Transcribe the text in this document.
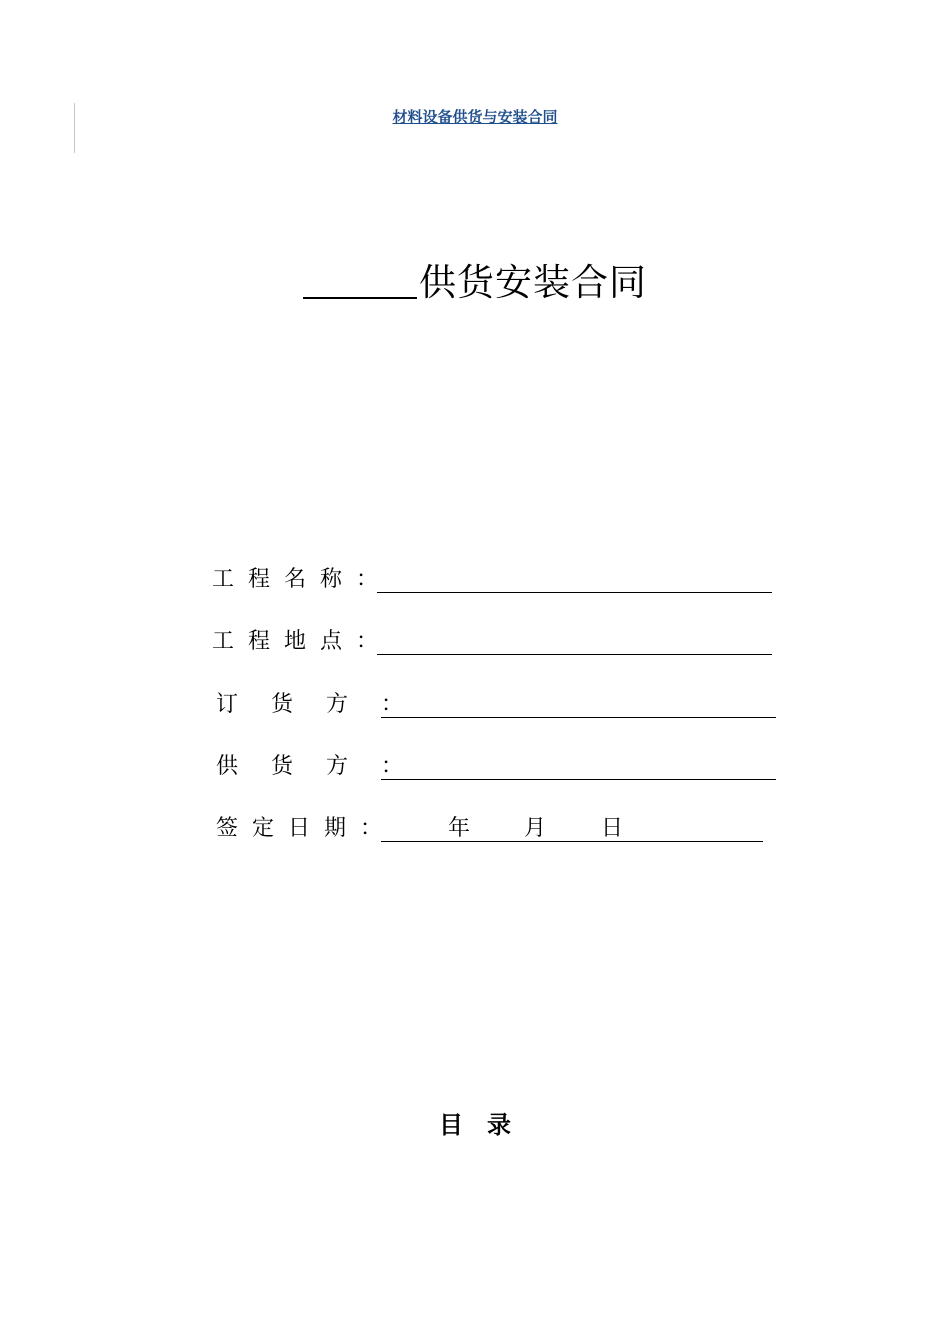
材料设备供货与安装合同
供货安装合同
工程名称：
工程地点：
订货方：
供货方：
签定日期：	年 月 日
目录
